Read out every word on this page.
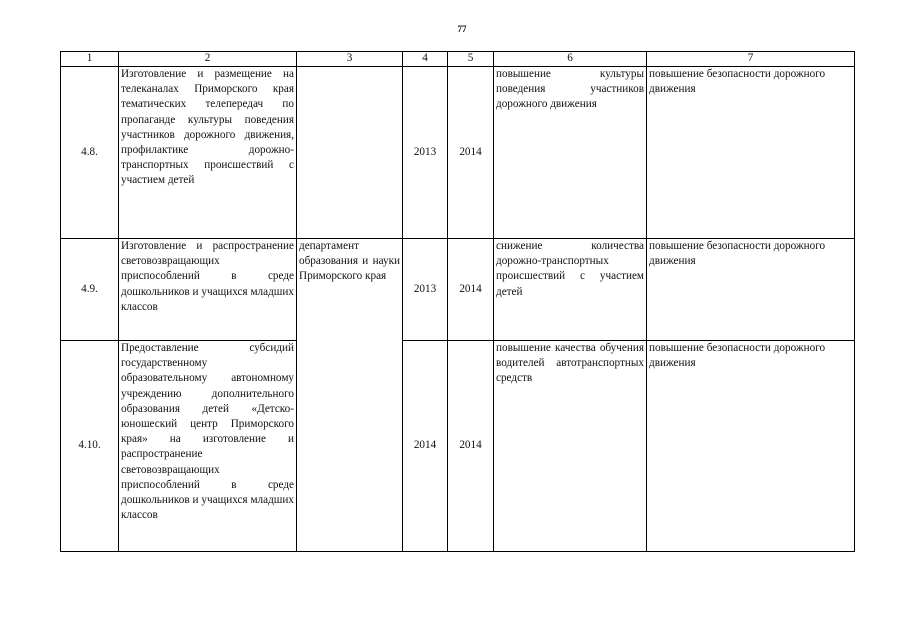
77
1	2	3	4	5	6	7
4.8.	Изготовление и размещение на телеканалах Приморского края тематических телепередач по пропаганде культуры поведения участников дорожного движения, профилактике дорожно-транспортных происшествий с участием детей		2013	2014	повышение культуры поведения участников дорожного движения	повышение безопасности дорожного движения
4.9.	Изготовление и распространение световозвращающих приспособлений в среде дошкольников и учащихся младших классов	департамент образования и науки Приморского края	2013	2014	снижение количества дорожно-транспортных происшествий с участием детей	повышение безопасности дорожного движения
4.10.	Предоставление субсидий государственному образовательному автономному учреждению дополнительного образования детей «Детско-юношеский центр Приморского края» на изготовление и распространение световозвращающих приспособлений в среде дошкольников и учащихся младших классов		2014	2014	повышение качества обучения водителей автотранспортных средств	повышение безопасности дорожного движения
